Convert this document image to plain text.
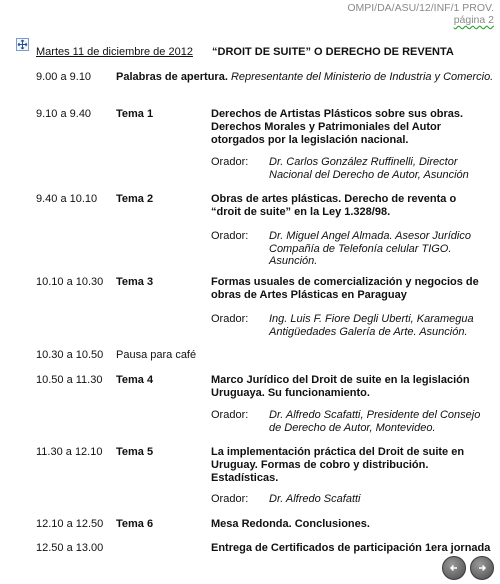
OMPI/DA/ASU/12/INF/1 PROV.
página 2
Martes 11 de diciembre de 2012 “DROIT DE SUITE” O DERECHO DE REVENTA
9.00 a 9.10 Palabras de apertura. Representante del Ministerio de Industria y Comercio.
9.10 a 9.40 Tema 1	Derechos de Artistas Plásticos sobre sus obras. Derechos Morales y Patrimoniales del Autor otorgados por la legislación nacional.
Orador: Dr. Carlos González Ruffinelli, Director Nacional del Derecho de Autor, Asunción
9.40 a 10.10 Tema 2	Obras de artes plásticas. Derecho de reventa o “droit de suite” en la Ley 1.328/98.
Orador: Dr. Miguel Angel Almada. Asesor Jurídico Compañía de Telefonía celular TIGO. Asunción.
10.10 a 10.30 Tema 3	Formas usuales de comercialización y negocios de obras de Artes Plásticas en Paraguay
Orador: Ing. Luis F. Fiore Degli Uberti, Karamegua Antigüedades Galería de Arte. Asunción.
10.30 a 10.50 Pausa para café
10.50 a 11.30 Tema 4	Marco Jurídico del Droit de suite en la legislación Uruguaya. Su funcionamiento.
Orador: Dr. Alfredo Scafatti, Presidente del Consejo de Derecho de Autor, Montevideo.
11.30 a 12.10 Tema 5	La implementación práctica del Droit de suite en Uruguay. Formas de cobro y distribución. Estadísticas.
Orador: Dr. Alfredo Scafatti
12.10 a 12.50 Tema 6	Mesa Redonda. Conclusiones.
12.50 a 13.00	Entrega de Certificados de participación 1era jornada
